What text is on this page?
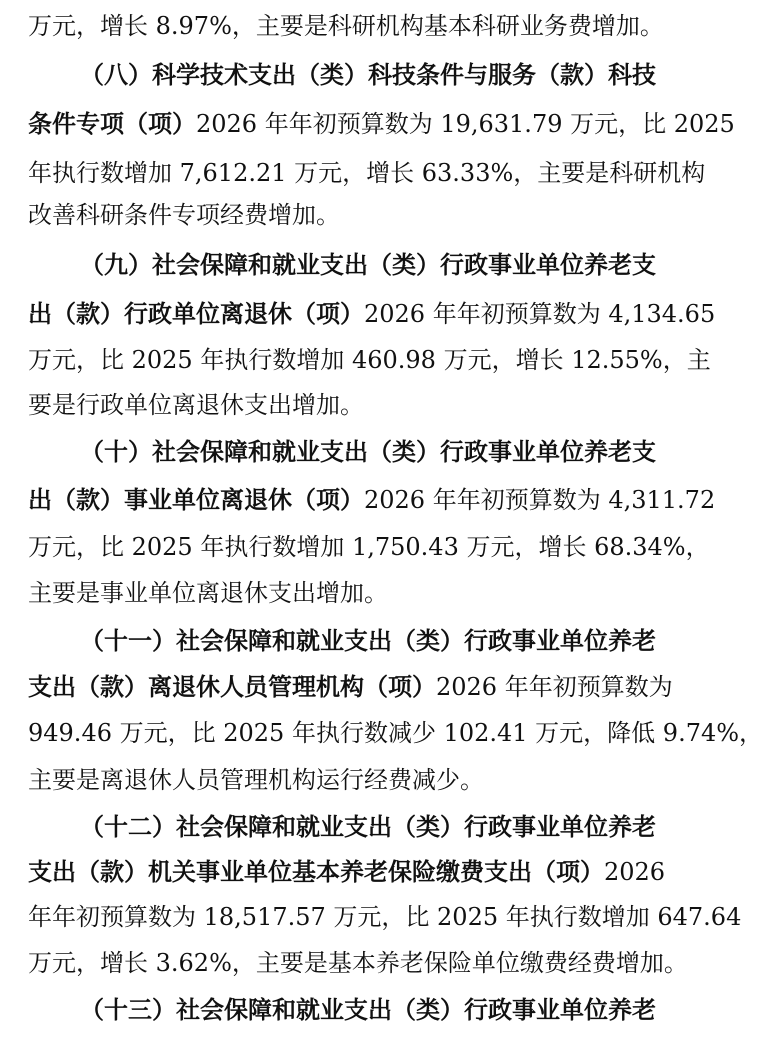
万元，增长 8.97%，主要是科研机构基本科研业务费增加。
（八）科学技术支出（类）科技条件与服务（款）科技
条件专项（项）2026 年年初预算数为 19,631.79 万元，比 2025
年执行数增加 7,612.21 万元，增长 63.33%，主要是科研机构
改善科研条件专项经费增加。
（九）社会保障和就业支出（类）行政事业单位养老支
出（款）行政单位离退休（项）2026 年年初预算数为 4,134.65
万元，比 2025 年执行数增加 460.98 万元，增长 12.55%，主
要是行政单位离退休支出增加。
（十）社会保障和就业支出（类）行政事业单位养老支
出（款）事业单位离退休（项）2026 年年初预算数为 4,311.72
万元，比 2025 年执行数增加 1,750.43 万元，增长 68.34%，
主要是事业单位离退休支出增加。
（十一）社会保障和就业支出（类）行政事业单位养老
支出（款）离退休人员管理机构（项）2026 年年初预算数为
949.46 万元，比 2025 年执行数减少 102.41 万元，降低 9.74%，
主要是离退休人员管理机构运行经费减少。
（十二）社会保障和就业支出（类）行政事业单位养老
支出（款）机关事业单位基本养老保险缴费支出（项）2026
年年初预算数为 18,517.57 万元，比 2025 年执行数增加 647.64
万元，增长 3.62%，主要是基本养老保险单位缴费经费增加。
（十三）社会保障和就业支出（类）行政事业单位养老
